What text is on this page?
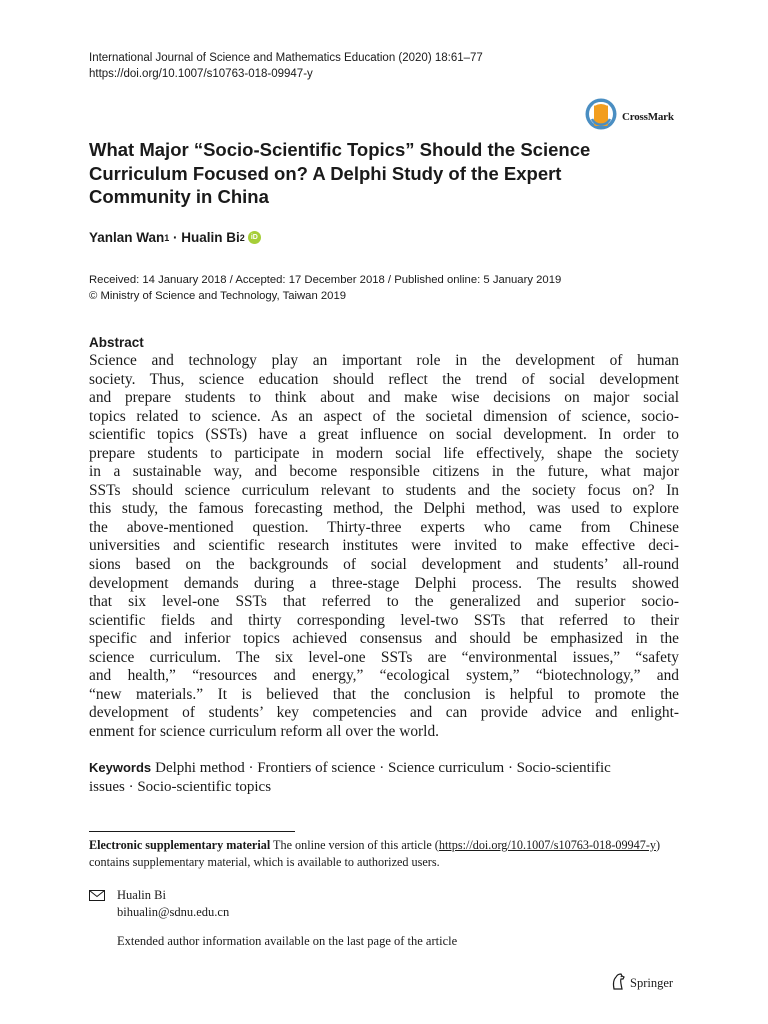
International Journal of Science and Mathematics Education (2020) 18:61–77
https://doi.org/10.1007/s10763-018-09947-y
CrossMark
What Major “Socio-Scientific Topics” Should the Science Curriculum Focused on? A Delphi Study of the Expert Community in China
Yanlan Wan 1 · Hualin Bi 2 iD
Received: 14 January 2018 / Accepted: 17 December 2018 / Published online: 5 January 2019
© Ministry of Science and Technology, Taiwan 2019
Abstract
Science and technology play an important role in the development of human
society. Thus, science education should reflect the trend of social development
and prepare students to think about and make wise decisions on major social
topics related to science. As an aspect of the societal dimension of science, socio-
scientific topics (SSTs) have a great influence on social development. In order to
prepare students to participate in modern social life effectively, shape the society
in a sustainable way, and become responsible citizens in the future, what major
SSTs should science curriculum relevant to students and the society focus on? In
this study, the famous forecasting method, the Delphi method, was used to explore
the above-mentioned question. Thirty-three experts who came from Chinese
universities and scientific research institutes were invited to make effective deci-
sions based on the backgrounds of social development and students’ all-round
development demands during a three-stage Delphi process. The results showed
that six level-one SSTs that referred to the generalized and superior socio-
scientific fields and thirty corresponding level-two SSTs that referred to their
specific and inferior topics achieved consensus and should be emphasized in the
science curriculum. The six level-one SSTs are “environmental issues,” “safety
and health,” “resources and energy,” “ecological system,” “biotechnology,” and
“new materials.” It is believed that the conclusion is helpful to promote the
development of students’ key competencies and can provide advice and enlight-
enment for science curriculum reform all over the world.
Keywords Delphi method · Frontiers of science · Science curriculum · Socio-scientific
issues · Socio-scientific topics
Electronic supplementary material The online version of this article (https://doi.org/10.1007/s10763-018-09947-y) contains supplementary material, which is available to authorized users.
Hualin Bi
bihualin@sdnu.edu.cn
Extended author information available on the last page of the article
Springer
